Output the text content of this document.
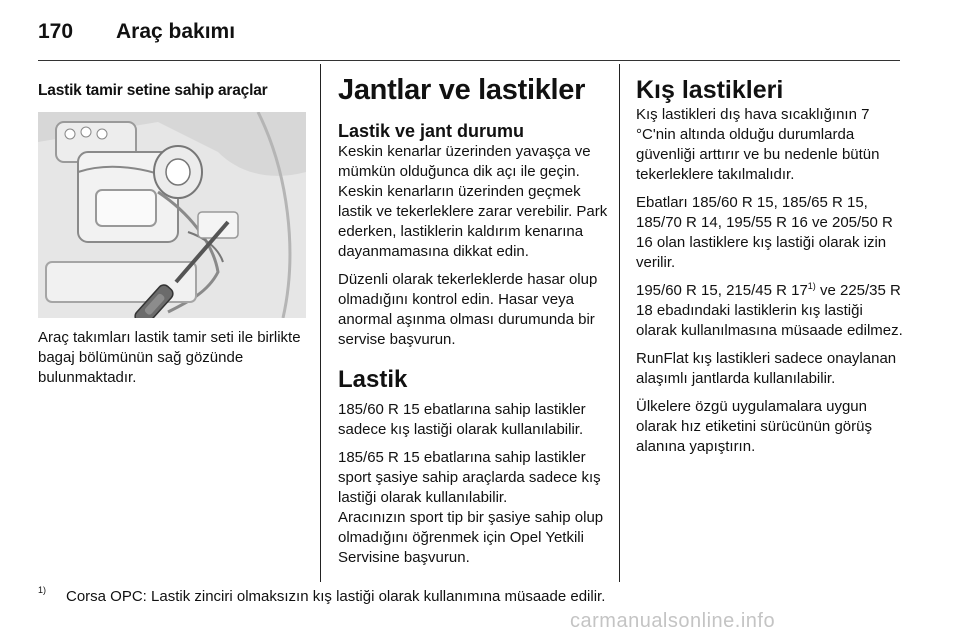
170	Araç bakımı
Lastik tamir setine sahip araçlar
Araç takımları lastik tamir seti ile birlikte bagaj bölümünün sağ gözünde bulunmaktadır.
Jantlar ve lastikler
Lastik ve jant durumu

Keskin kenarlar üzerinden yavaşça ve mümkün olduğunca dik açı ile geçin. Keskin kenarların üzerinden geçmek lastik ve tekerleklere zarar verebilir. Park ederken, lastiklerin kaldırım kenarına dayanmamasına dikkat edin.

Düzenli olarak tekerleklerde hasar olup olmadığını kontrol edin. Hasar veya anormal aşınma olması durumunda bir servise başvurun.

Lastik

185/60 R 15 ebatlarına sahip lastikler sadece kış lastiği olarak kullanılabilir.

185/65 R 15 ebatlarına sahip lastikler sport şasiye sahip araçlarda sadece kış lastiği olarak kullanılabilir.

Aracınızın sport tip bir şasiye sahip olup olmadığını öğrenmek için Opel Yetkili Servisine başvurun.

Kış lastikleri

Kış lastikleri dış hava sıcaklığının 7 °C'nin altında olduğu durumlarda güvenliği arttırır ve bu nedenle bütün tekerleklere takılmalıdır.

Ebatları 185/60 R 15, 185/65 R 15, 185/70 R 14, 195/55 R 16 ve 205/50 R 16 olan lastiklere kış lastiği olarak izin verilir.

195/60 R 15, 215/45 R 17$^{1)}$ ve 225/35 R 18 ebadındaki lastiklerin kış lastiği olarak kullanılmasına müsaade edilmez.

RunFlat kış lastikleri sadece onaylanan alaşımlı jantlarda kullanılabilir.

Ülkelere özgü uygulamalara uygun olarak hız etiketini sürücünün görüş alanına yapıştırın.

1)	Corsa OPC: Lastik zinciri olmaksızın kış lastiği olarak kullanımına müsaade edilir.
carmanualsonline.info
